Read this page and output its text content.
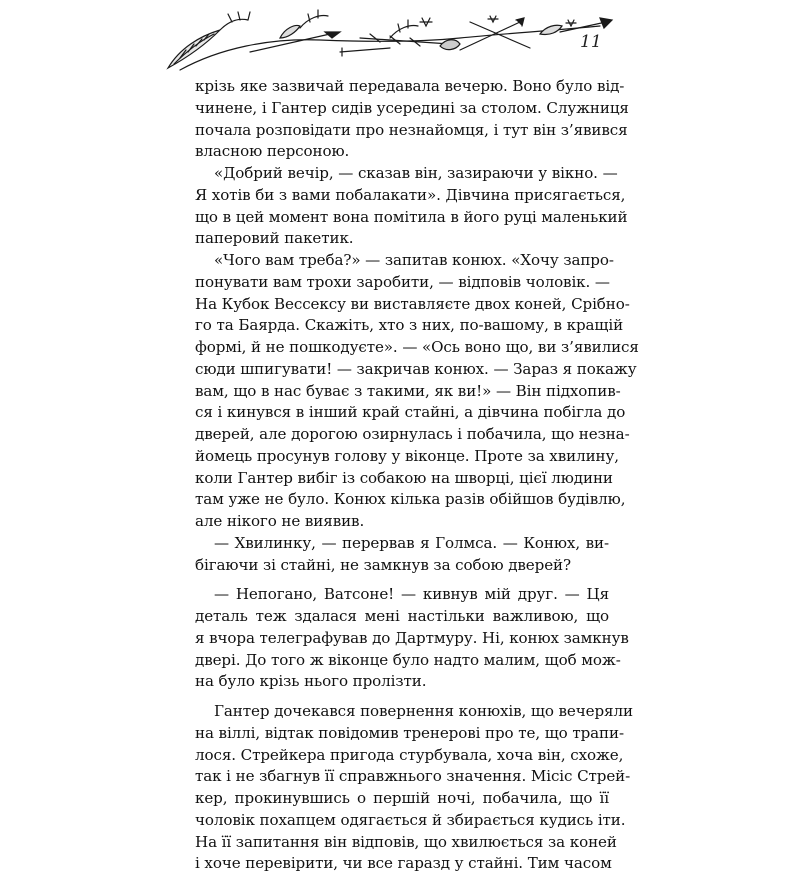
11
крізь яке зазвичай передавала вечерю. Воно було від-
чинене, і Гантер сидів усередині за столом. Служниця
почала розповідати про незнайомця, і тут він з’явився
власною персоною.
«Добрий вечір, — сказав він, зазираючи у вікно. —
Я хотів би з вами побалакати». Дівчина присягається,
що в цей момент вона помітила в його руці маленький
паперовий пакетик.
«Чого вам треба?» — запитав конюх. «Хочу запро-
понувати вам трохи заробити, — відповів чоловік. —
На Кубок Вессексу ви виставляєте двох коней, Срібно-
го та Баярда. Скажіть, хто з них, по-вашому, в кращій
формі, й не пошкодуєте». — «Ось воно що, ви з’явилися
сюди шпигувати! — закричав конюх. — Зараз я покажу
вам, що в нас буває з такими, як ви!» — Він підхопив-
ся і кинувся в інший край стайні, а дівчина побігла до
дверей, але дорогою озирнулась і побачила, що незна-
йомець просунув голову у віконце. Проте за хвилину,
коли Гантер вибіг із собакою на шворці, цієї людини
там уже не було. Конюх кілька разів обійшов будівлю,
але нікого не виявив.
— Хвилинку, — перервав я Голмса. — Конюх, ви-
бігаючи зі стайні, не замкнув за собою дверей?
— Непогано, Ватсоне! — кивнув мій друг. — Ця
деталь теж здалася мені настільки важливою, що
я вчора телеграфував до Дартмуру. Ні, конюх замкнув
двері. До того ж віконце було надто малим, щоб мож-
на було крізь нього пролізти.
Гантер дочекався повернення конюхів, що вечеряли
на віллі, відтак повідомив тренерові про те, що трапи-
лося. Стрейкера пригода стурбувала, хоча він, схоже,
так і не збагнув її справжнього значення. Місіс Стрей-
кер, прокинувшись о першій ночі, побачила, що її
чоловік похапцем одягається й збирається кудись іти.
На її запитання він відповів, що хвилюється за коней
і хоче перевірити, чи все гаразд у стайні. Тим часом
